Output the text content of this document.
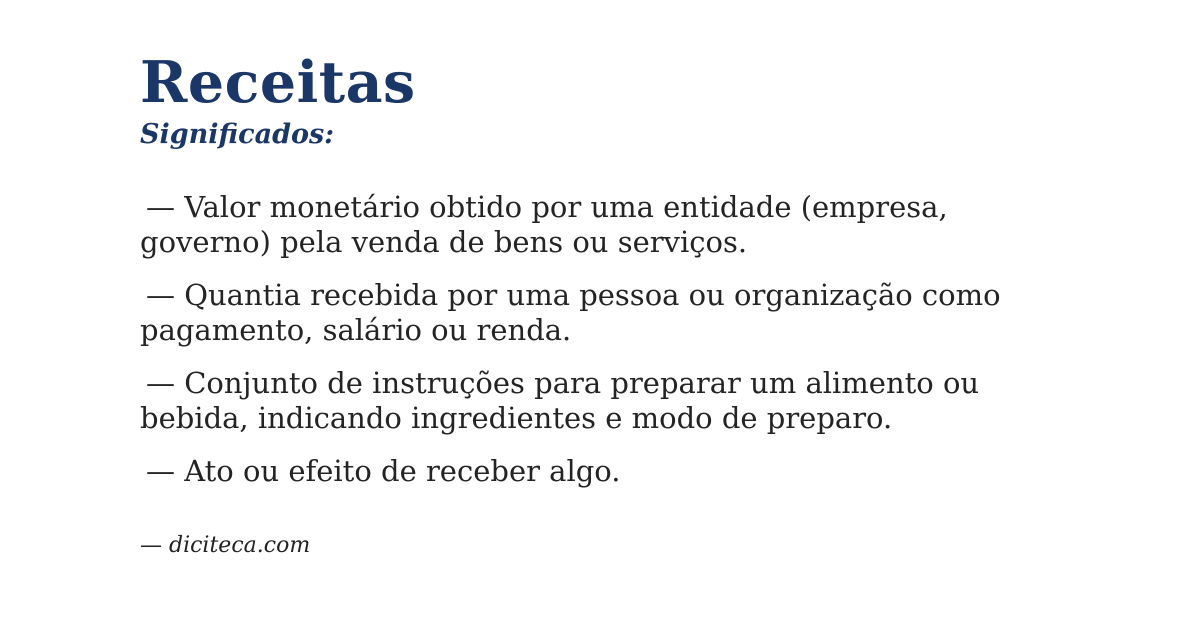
Receitas
Significados:

— Valor monetário obtido por uma entidade (empresa, governo) pela venda de bens ou serviços.

— Quantia recebida por uma pessoa ou organização como pagamento, salário ou renda.

— Conjunto de instruções para preparar um alimento ou bebida, indicando ingredientes e modo de preparo.

— Ato ou efeito de receber algo.

— diciteca.com
